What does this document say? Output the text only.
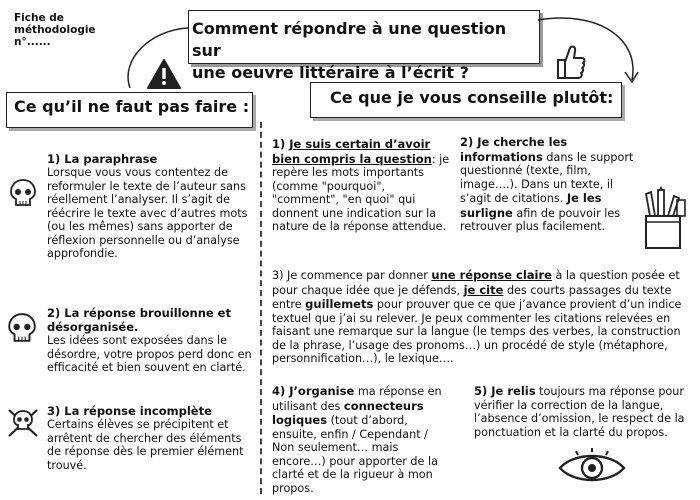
Fiche de
méthodologie
n°......
Comment répondre à une question sur
une oeuvre littéraire à l’écrit ?
Ce qu’il ne faut pas faire :	Ce que je vous conseille plutôt:
1) La paraphrase
Lorsque vous vous contentez de reformuler le texte de l’auteur sans réellement l’analyser. Il s’agit de réécrire le texte avec d’autres mots (ou les mêmes) sans apporter de réflexion personnelle ou d’analyse approfondie.
2) La réponse brouillonne et désorganisée.
Les idées sont exposées dans le désordre, votre propos perd donc en efficacité et bien souvent en clarté.
3) La réponse incomplète
Certains élèves se précipitent et arrêtent de chercher des éléments de réponse dès le premier élément trouvé.
1) Je suis certain d’avoir bien compris la question: je repère les mots importants (comme "pourquoi", "comment", "en quoi" qui donnent une indication sur la nature de la réponse attendue.
2) Je cherche les informations dans le support questionné (texte, film, image….). Dans un texte, il s’agit de citations. Je les surligne afin de pouvoir les retrouver plus facilement.
3) Je commence par donner une réponse claire à la question posée et pour chaque idée que je défends, je cite des courts passages du texte entre guillemets pour prouver que ce que j’avance provient d’un indice textuel que j’ai su relever. Je peux commenter les citations relevées en faisant une remarque sur la langue (le temps des verbes, la construction de la phrase, l’usage des pronoms…) un procédé de style (métaphore, personnification…), le lexique….
4) J’organise ma réponse en utilisant des connecteurs logiques (tout d’abord, ensuite, enfin / Cependant / Non seulement… mais encore…) pour apporter de la clarté et de la rigueur à mon propos.
5) Je relis toujours ma réponse pour vérifier la correction de la langue, l’absence d’omission, le respect de la ponctuation et la clarté du propos.
